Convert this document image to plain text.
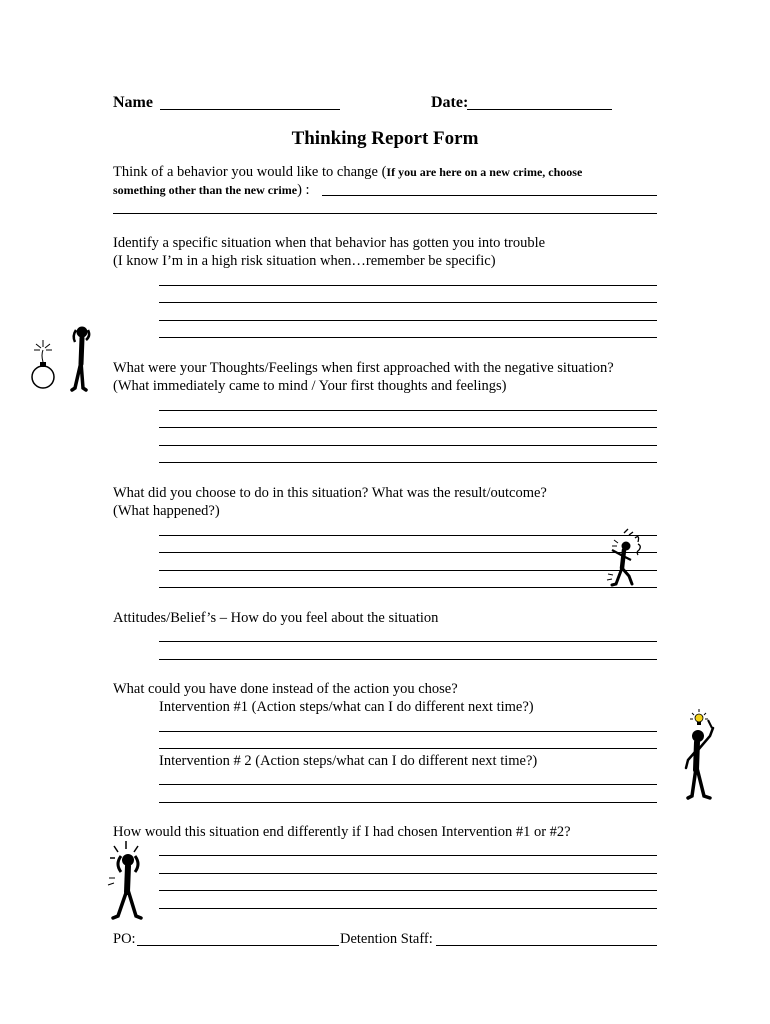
Name	Date:
Thinking Report Form
Think of a behavior you would like to change (If you are here on a new crime, choose
something other than the new crime) :
Identify a specific situation when that behavior has gotten you into trouble
(I know I’m in a high risk situation when…remember be specific)
What were your Thoughts/Feelings when first approached with the negative situation?
(What immediately came to mind / Your first thoughts and feelings)
What did you choose to do in this situation? What was the result/outcome?
(What happened?)
Attitudes/Belief’s – How do you feel about the situation
What could you have done instead of the action you chose?
Intervention #1 (Action steps/what can I do different next time?)
Intervention # 2 (Action steps/what can I do different next time?)
How would this situation end differently if I had chosen Intervention #1 or #2?
PO:	Detention Staff:
